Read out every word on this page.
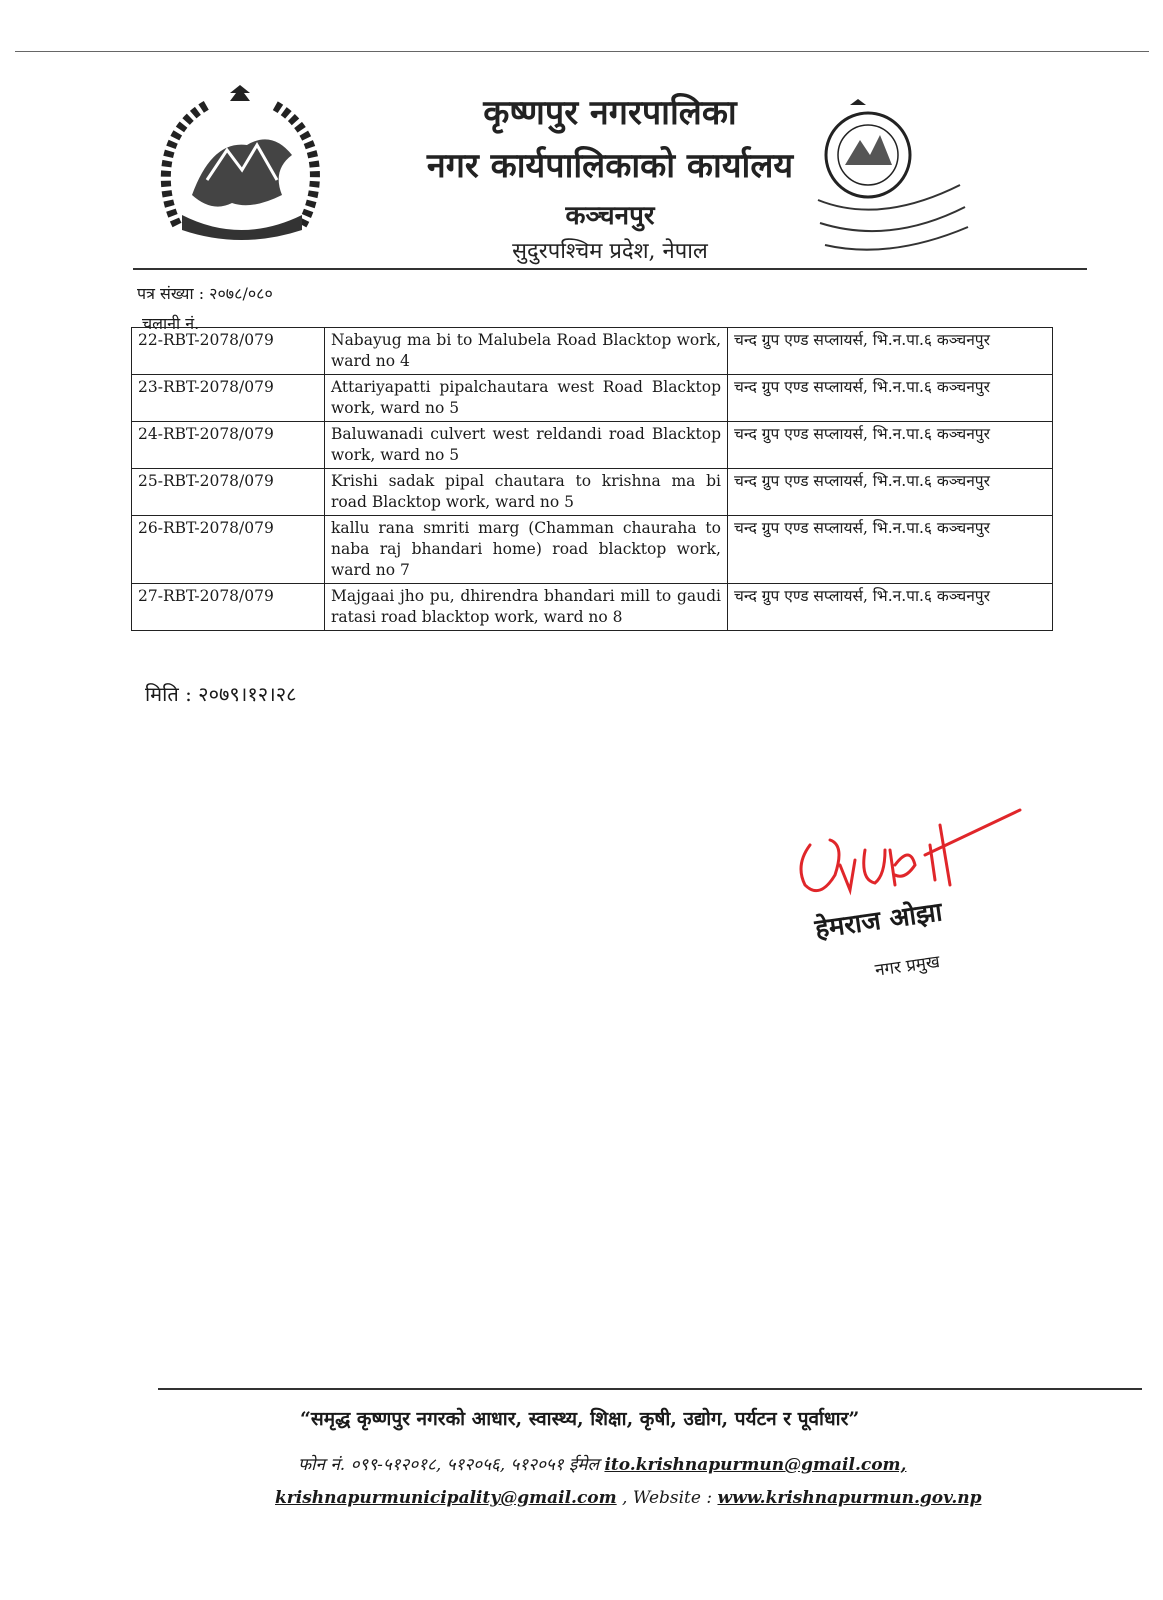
कृष्णपुर नगरपालिका
नगर कार्यपालिकाको कार्यालय
कञ्चनपुर
सुदुरपश्चिम प्रदेश, नेपाल
पत्र संख्या : २०७८/०८०
चलानी नं.
22-RBT-2078/079	Nabayug ma bi to Malubela Road Blacktop work, ward no 4	चन्द ग्रुप एण्ड सप्लायर्स, भि.न.पा.६ कञ्चनपुर
23-RBT-2078/079	Attariyapatti pipalchautara west Road Blacktop work, ward no 5	चन्द ग्रुप एण्ड सप्लायर्स, भि.न.पा.६ कञ्चनपुर
24-RBT-2078/079	Baluwanadi culvert west reldandi road Blacktop work, ward no 5	चन्द ग्रुप एण्ड सप्लायर्स, भि.न.पा.६ कञ्चनपुर
25-RBT-2078/079	Krishi sadak pipal chautara to krishna ma bi road Blacktop work, ward no 5	चन्द ग्रुप एण्ड सप्लायर्स, भि.न.पा.६ कञ्चनपुर
26-RBT-2078/079	kallu rana smriti marg (Chamman chauraha to naba raj bhandari home) road blacktop work, ward no 7	चन्द ग्रुप एण्ड सप्लायर्स, भि.न.पा.६ कञ्चनपुर
27-RBT-2078/079	Majgaai jho pu, dhirendra bhandari mill to gaudi ratasi road blacktop work, ward no 8	चन्द ग्रुप एण्ड सप्लायर्स, भि.न.पा.६ कञ्चनपुर
मिति : २०७९।१२।२८
हेमराज ओझा
नगर प्रमुख
“समृद्ध कृष्णपुर नगरको आधार, स्वास्थ्य, शिक्षा, कृषी, उद्योग, पर्यटन र पूर्वाधार”
फोन नं. ०९९-५१२०१८, ५१२०५६, ५१२०५१ ईमेल ito.krishnapurmun@gmail.com,
krishnapurmunicipality@gmail.com , Website : www.krishnapurmun.gov.np
